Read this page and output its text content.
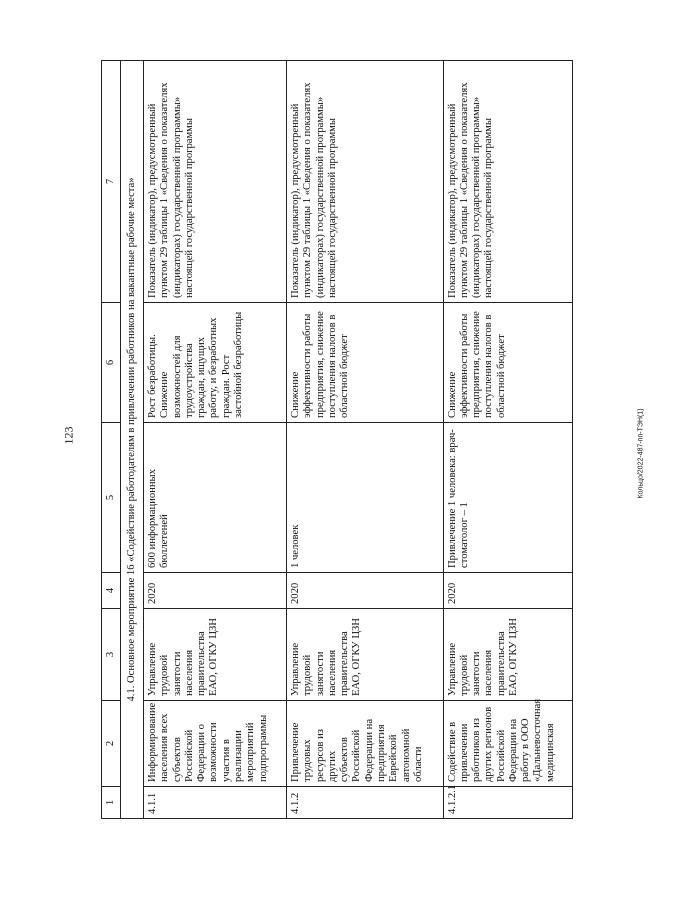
123	Кольцо/2022-487-пп-ТЭН(1)
1	2	3	4	5	6	7
4.1. Основное мероприятие 16 «Содействие работодателям в привлечении работников на вакантные рабочие места»						
4.1.1	Информирование населения всех субъектов Российской Федерации о возможности участия в реализации мероприятий подпрограммы	Управление трудовой занятости населения правительства ЕАО, ОГКУ ЦЗН	2020	600 информационных бюллетеней	Рост безработицы. Снижение возможностей для трудоустройства граждан, ищущих работу, и безработных граждан. Рост застойной безработицы	Показатель (индикатор), предусмотренный пунктом 29 таблицы 1 «Сведения о показателях (индикаторах) государственной программы» настоящей государственной программы
4.1.2	Привлечение трудовых ресурсов из других субъектов Российской Федерации на предприятия Еврейской автономной области	Управление трудовой занятости населения правительства ЕАО, ОГКУ ЦЗН	2020	1 человек	Снижение эффективности работы предприятия, снижение поступления налогов в областной бюджет	Показатель (индикатор), предусмотренный пунктом 29 таблицы 1 «Сведения о показателях (индикаторах) государственной программы» настоящей государственной программы
4.1.2.1	Содействие в привлечении работников из других регионов Российской Федерации на работу в ООО «Дальневосточная медицинская	Управление трудовой занятости населения правительства ЕАО, ОГКУ ЦЗН	2020	Привлечение 1 человека: врач-стоматолог – 1	Снижение эффективности работы предприятия, снижение поступления налогов в областной бюджет	Показатель (индикатор), предусмотренный пунктом 29 таблицы 1 «Сведения о показателях (индикаторах) государственной программы» настоящей государственной программы
